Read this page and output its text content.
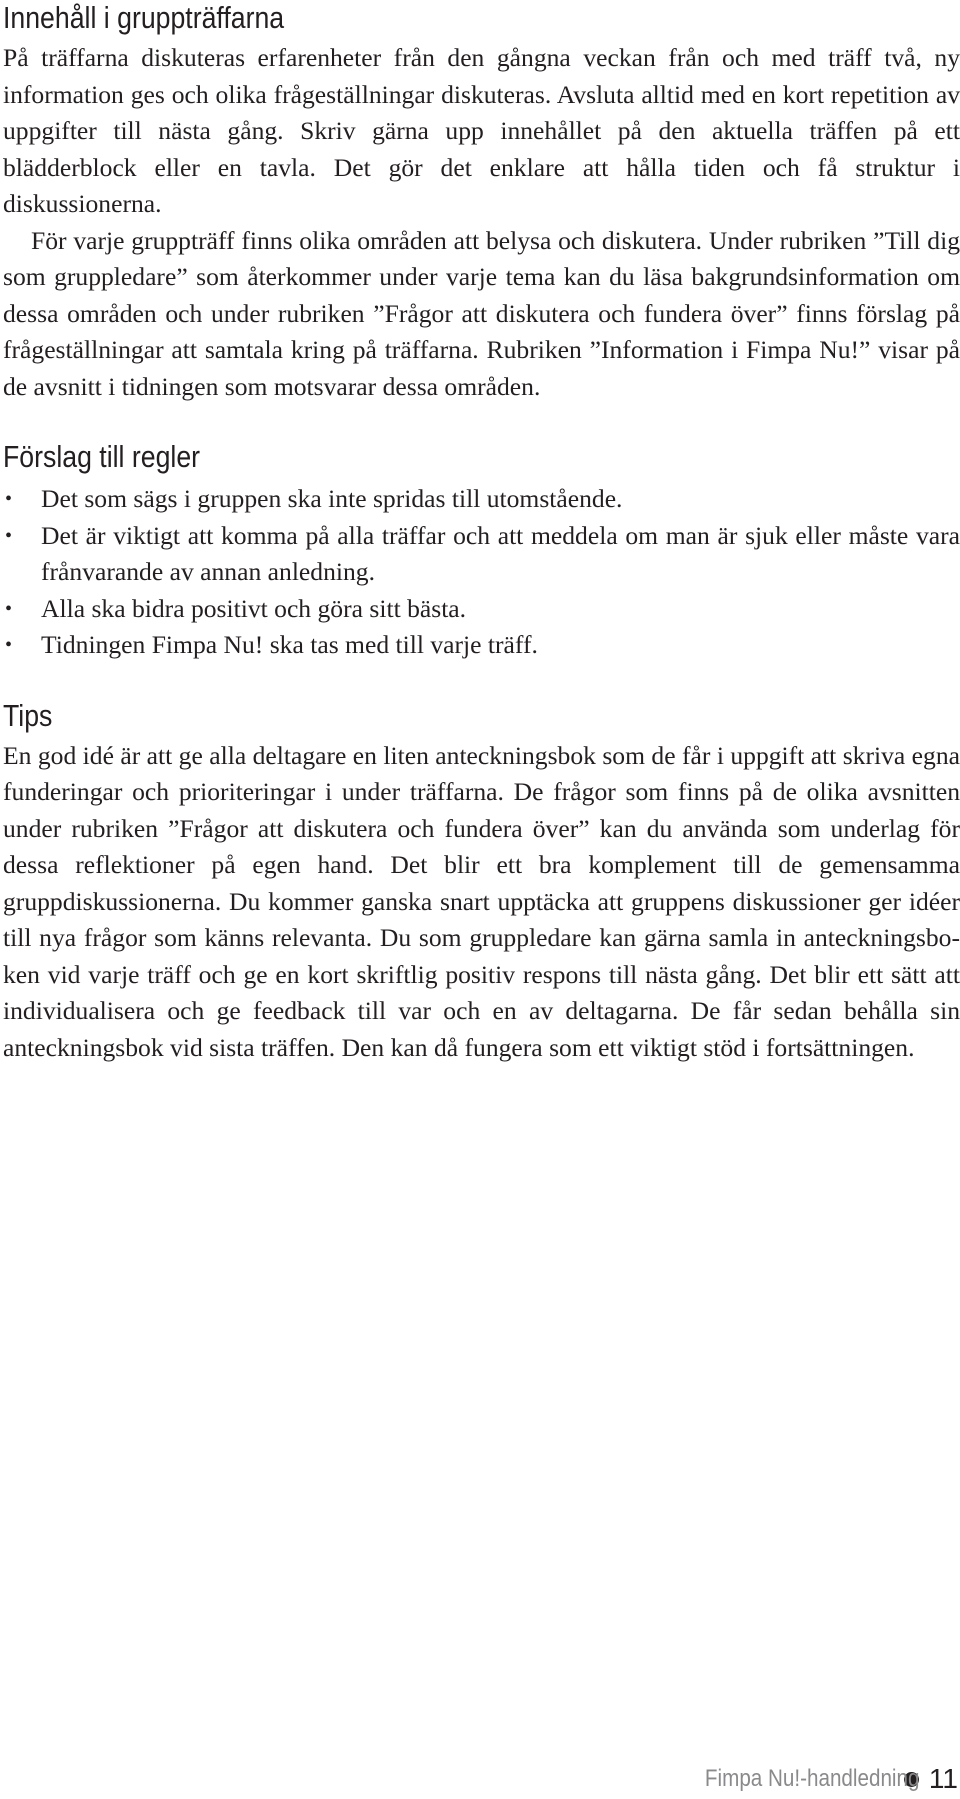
Innehåll i gruppträffarna

På träffarna diskuteras erfarenheter från den gångna veckan från och med träff två, ny information ges och olika frågeställningar diskuteras. Avsluta alltid med en kort repetition av uppgifter till nästa gång. Skriv gärna upp innehållet på den aktuella träffen på ett blädderblock eller en tavla. Det gör det enklare att hålla tiden och få struktur i diskussionerna.

För varje gruppträff finns olika områden att belysa och diskutera. Under rubriken ”Till dig som gruppledare” som återkommer under varje tema kan du läsa bakgrundsinformation om dessa områden och under rubriken ”Frågor att diskutera och fundera över” finns förslag på frågeställningar att samtala kring på träffarna. Rubriken ”Information i Fimpa Nu!” visar på de avsnitt i tidningen som motsvarar dessa områden.

Förslag till regler
• Det som sägs i gruppen ska inte spridas till utomstående.
• Det är viktigt att komma på alla träffar och att meddela om man är sjuk eller måste vara frånvarande av annan anledning.
• Alla ska bidra positivt och göra sitt bästa.
• Tidningen Fimpa Nu! ska tas med till varje träff.
Tips

En god idé är att ge alla deltagare en liten anteckningsbok som de får i uppgift att skriva egna funderingar och prioriteringar i under träffarna. De frågor som finns på de olika avsnitten under rubriken ”Frågor att diskutera och fundera över” kan du använda som underlag för dessa reflektioner på egen hand. Det blir ett bra komplement till de gemensamma gruppdiskussionerna. Du kommer ganska snart upptäcka att gruppens diskussioner ger idéer till nya frågor som känns relevanta. Du som gruppledare kan gärna samla in anteckningsboken vid varje träff och ge en kort skriftlig positiv respons till nästa gång. Det blir ett sätt att individualisera och ge feedback till var och en av deltagarna. De får sedan behålla sin anteckningsbok vid sista träffen. Den kan då fungera som ett viktigt stöd i fortsättningen.

Fimpa Nu!-handledning 11
